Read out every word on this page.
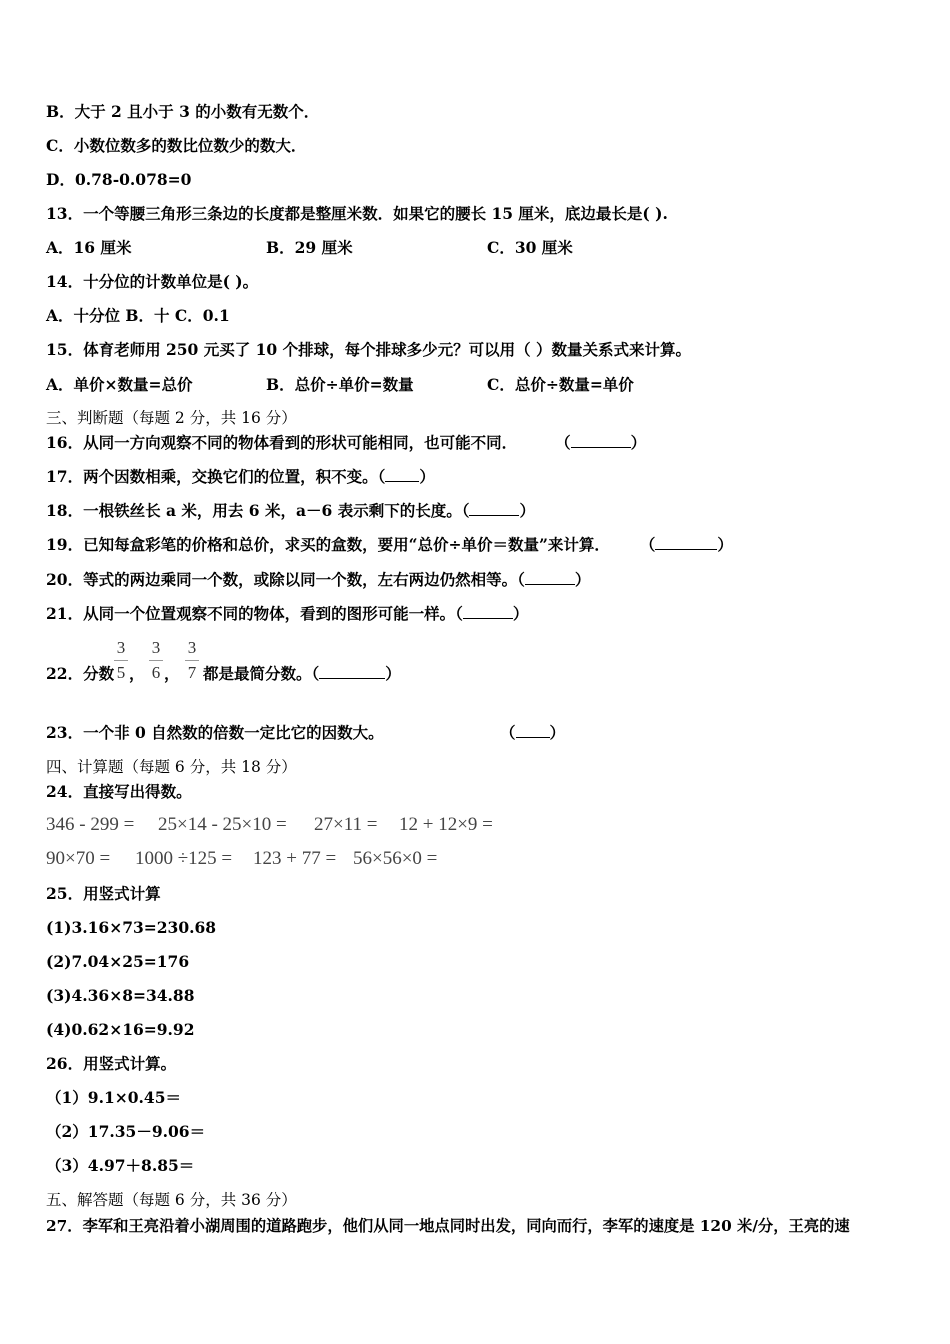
B．大于 2 且小于 3 的小数有无数个．
C．小数位数多的数比位数少的数大．
D．0.78-0.078=0
13．一个等腰三角形三条边的长度都是整厘米数．如果它的腰长 15 厘米，底边最长是( ).
A．16 厘米	B．29 厘米	C．30 厘米
14．十分位的计数单位是( )。
A．十分位 B．十 C．0.1
15．体育老师用 250 元买了 10 个排球，每个排球多少元？可以用（ ）数量关系式来计算。
A．单价×数量=总价	B．总价÷单价=数量	C．总价÷数量=单价
三、判断题（每题 2 分，共 16 分）
16．从同一方向观察不同的物体看到的形状可能相同，也可能不同． （	）
17．两个因数相乘，交换它们的位置，积不变。（ ）
18．一根铁丝长 a 米，用去 6 米，a－6 表示剩下的长度。（	）
19．已知每盒彩笔的价格和总价，求买的盒数，要用“总价÷单价＝数量”来计算． （	）
20．等式的两边乘同一个数，或除以同一个数，左右两边仍然相等。（	）
21．从同一个位置观察不同的物体，看到的图形可能一样。（	）
22．分数
3
5 ，
3
6 ，
3
7 都是最简分数。（	）
23．一个非 0 自然数的倍数一定比它的因数大。	（ ）
四、计算题（每题 6 分，共 18 分）
24．直接写出得数。
346 - 299 = 25×14 - 25×10 = 27×11 = 12 + 12×9 =
90×70 = 1000 ÷125 = 123 + 77 = 56×56×0 =
25．用竖式计算
(1)3.16×73=230.68
(2)7.04×25=176
(3)4.36×8=34.88
(4)0.62×16=9.92
26．用竖式计算。
（1）9.1×0.45＝
（2）17.35－9.06＝
（3）4.97＋8.85＝
五、解答题（每题 6 分，共 36 分）
27．李军和王亮沿着小湖周围的道路跑步，他们从同一地点同时出发，同向而行，李军的速度是 120 米/分，王亮的速
